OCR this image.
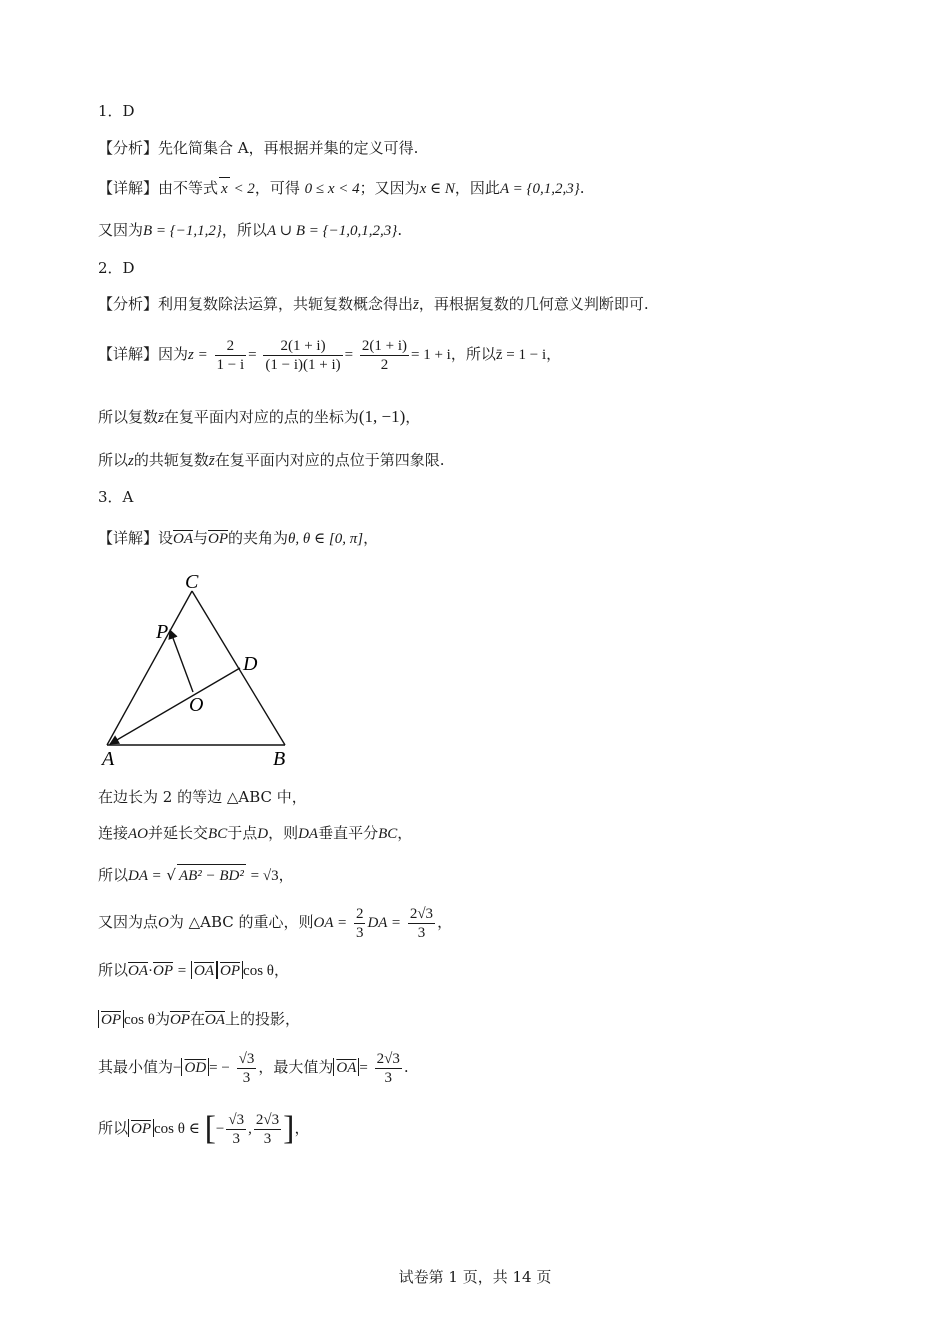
1．D
【分析】先化简集合 A，再根据并集的定义可得.
【详解】由不等式 x < 2，可得 0 ≤ x < 4；又因为x ∈ N，因此A = {0,1,2,3}.
又因为B = {−1,1,2}，所以A ∪ B = {−1,0,1,2,3}.
2．D
【分析】利用复数除法运算，共轭复数概念得出z̄，再根据复数的几何意义判断即可.
【详解】因为$z = \frac{2}{1 - i} = \frac{2(1 + i)}{(1 - i)(1 + i)} = \frac{2(1 + i)}{2} = 1 + i$，所以z̄ = 1 − i，
所以复数z̄在复平面内对应的点的坐标为(1, −1)，
所以z的共轭复数z̄在复平面内对应的点位于第四象限.
3．A
【详解】设$\overline{OA}$与$\overline{OP}$的夹角为θ, θ ∈ [0, π]，
C
P
D
O
A	B
在边长为 2 的等边 △ABC 中，
连接AO并延长交BC于点D，则DA垂直平分BC，
所以DA = √ AB² − BD² = √3，
又因为点O为 △ABC 的重心，则OA = $\frac{2}{3}$ DA = $\frac{2√3}{3}$ ，
所以$\overline{OA}\cdot\overline{OP} = \overline{OA}$ $\overline{OP}$ cos θ，
$\overline{OP}$ cos θ为$\overline{OP}$在$\overline{OA}$上的投影，
其最小值为− $\overline{OD}$ = − $\frac{√3}{3}$ ，最大值为 $\overline{OA} = \frac{2√3}{3}$ .
所以 $\overline{OP}$ cos θ ∈ [− $\frac{√3}{3}$ , $\frac{2√3}{3}$ ]，
试卷第 1 页，共 14 页
